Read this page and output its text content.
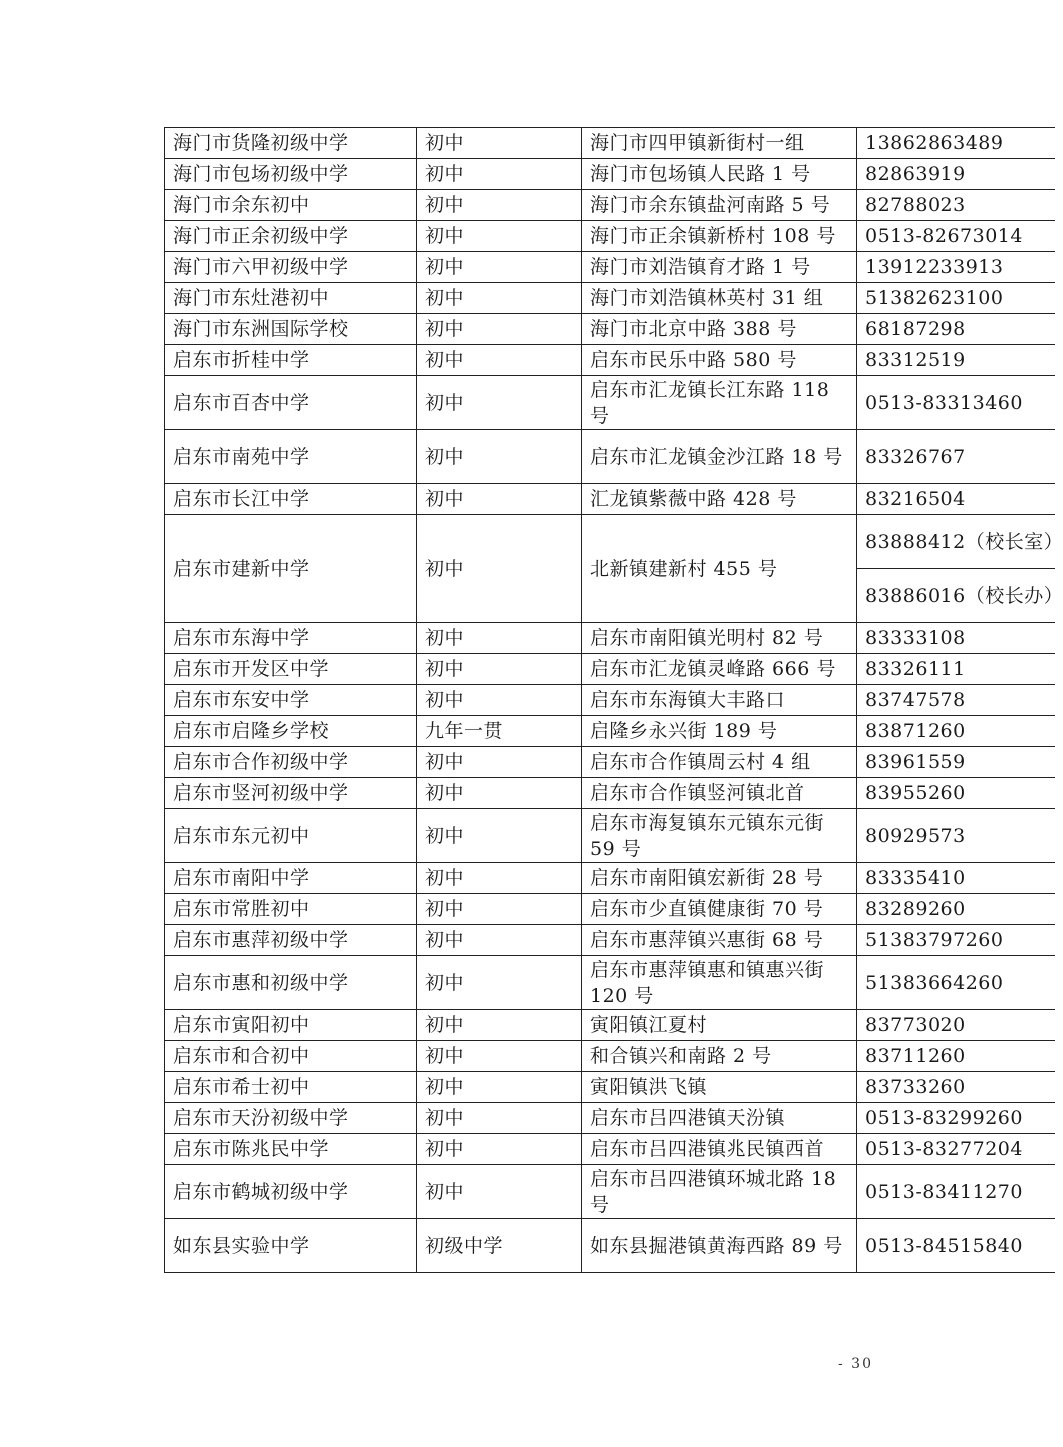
海门市货隆初级中学	初中	海门市四甲镇新街村一组	13862863489
海门市包场初级中学	初中	海门市包场镇人民路 1 号	82863919
海门市余东初中	初中	海门市余东镇盐河南路 5 号	82788023
海门市正余初级中学	初中	海门市正余镇新桥村 108 号	0513-82673014
海门市六甲初级中学	初中	海门市刘浩镇育才路 1 号	13912233913
海门市东灶港初中	初中	海门市刘浩镇林英村 31 组	51382623100
海门市东洲国际学校	初中	海门市北京中路 388 号	68187298
启东市折桂中学	初中	启东市民乐中路 580 号	83312519
启东市百杏中学	初中	启东市汇龙镇长江东路 118 号	0513-83313460
启东市南苑中学	初中	启东市汇龙镇金沙江路 18 号	83326767
启东市长江中学	初中	汇龙镇紫薇中路 428 号	83216504
启东市建新中学	初中	北新镇建新村 455 号	83888412（校长室）
			83886016（校长办）
启东市东海中学	初中	启东市南阳镇光明村 82 号	83333108
启东市开发区中学	初中	启东市汇龙镇灵峰路 666 号	83326111
启东市东安中学	初中	启东市东海镇大丰路口	83747578
启东市启隆乡学校	九年一贯	启隆乡永兴街 189 号	83871260
启东市合作初级中学	初中	启东市合作镇周云村 4 组	83961559
启东市竖河初级中学	初中	启东市合作镇竖河镇北首	83955260
启东市东元初中	初中	启东市海复镇东元镇东元街 59 号	80929573
启东市南阳中学	初中	启东市南阳镇宏新街 28 号	83335410
启东市常胜初中	初中	启东市少直镇健康街 70 号	83289260
启东市惠萍初级中学	初中	启东市惠萍镇兴惠街 68 号	51383797260
启东市惠和初级中学	初中	启东市惠萍镇惠和镇惠兴街 120 号	51383664260
启东市寅阳初中	初中	寅阳镇江夏村	83773020
启东市和合初中	初中	和合镇兴和南路 2 号	83711260
启东市希士初中	初中	寅阳镇洪飞镇	83733260
启东市天汾初级中学	初中	启东市吕四港镇天汾镇	0513-83299260
启东市陈兆民中学	初中	启东市吕四港镇兆民镇西首	0513-83277204
启东市鹤城初级中学	初中	启东市吕四港镇环城北路 18 号	0513-83411270
如东县实验中学	初级中学	如东县掘港镇黄海西路 89 号	0513-84515840
- 30
